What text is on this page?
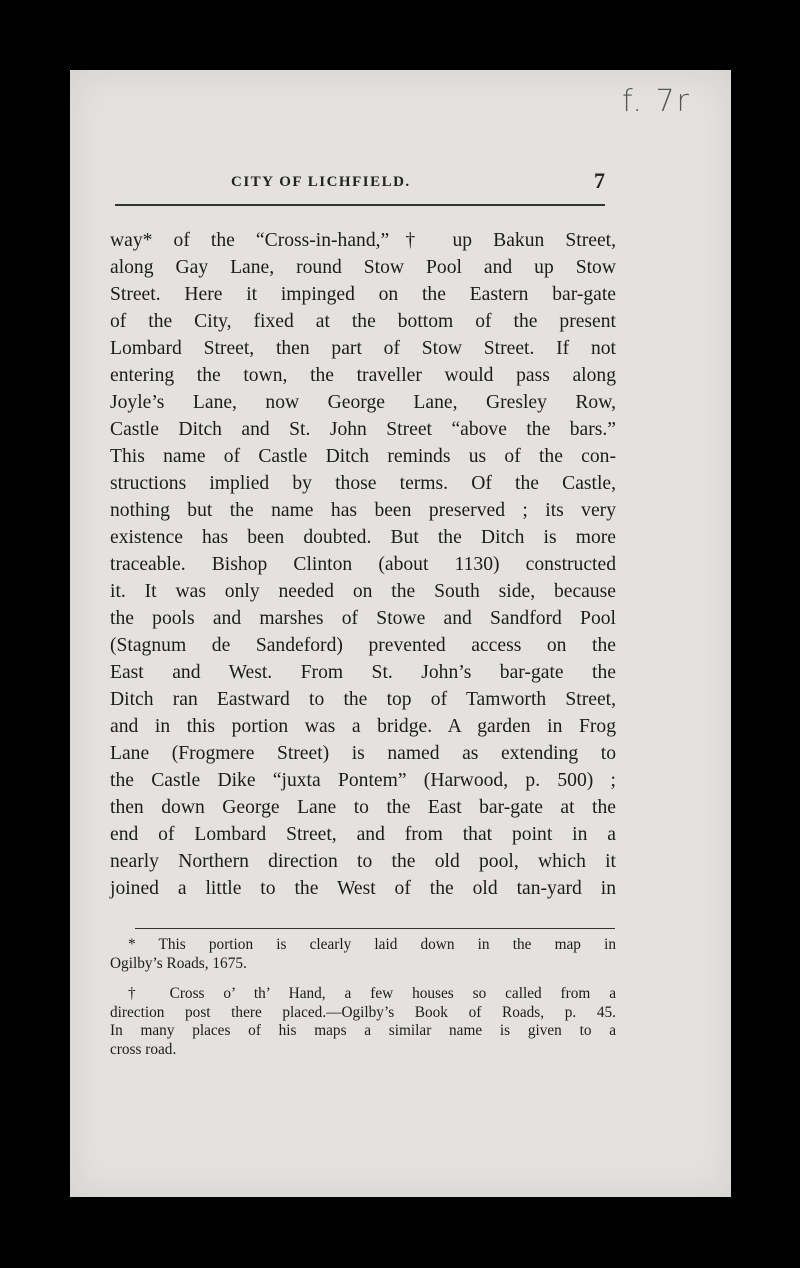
f. 7r
CITY OF LICHFIELD.	7
way* of the “Cross-in-hand,”† up Bakun Street,
along Gay Lane, round Stow Pool and up Stow
Street. Here it impinged on the Eastern bar-gate
of the City, fixed at the bottom of the present
Lombard Street, then part of Stow Street. If not
entering the town, the traveller would pass along
Joyle’s Lane, now George Lane, Gresley Row,
Castle Ditch and St. John Street “above the bars.”
This name of Castle Ditch reminds us of the con-
structions implied by those terms. Of the Castle,
nothing but the name has been preserved ; its very
existence has been doubted. But the Ditch is more
traceable. Bishop Clinton (about 1130) constructed
it. It was only needed on the South side, because
the pools and marshes of Stowe and Sandford Pool
(Stagnum de Sandeford) prevented access on the
East and West. From St. John’s bar-gate the
Ditch ran Eastward to the top of Tamworth Street,
and in this portion was a bridge. A garden in Frog
Lane (Frogmere Street) is named as extending to
the Castle Dike “juxta Pontem” (Harwood, p. 500) ;
then down George Lane to the East bar-gate at the
end of Lombard Street, and from that point in a
nearly Northern direction to the old pool, which it
joined a little to the West of the old tan-yard in
* This portion is clearly laid down in the map in
Ogilby’s Roads, 1675.
† Cross o’ th’ Hand, a few houses so called from a
direction post there placed.—Ogilby’s Book of Roads, p. 45.
In many places of his maps a similar name is given to a
cross road.
